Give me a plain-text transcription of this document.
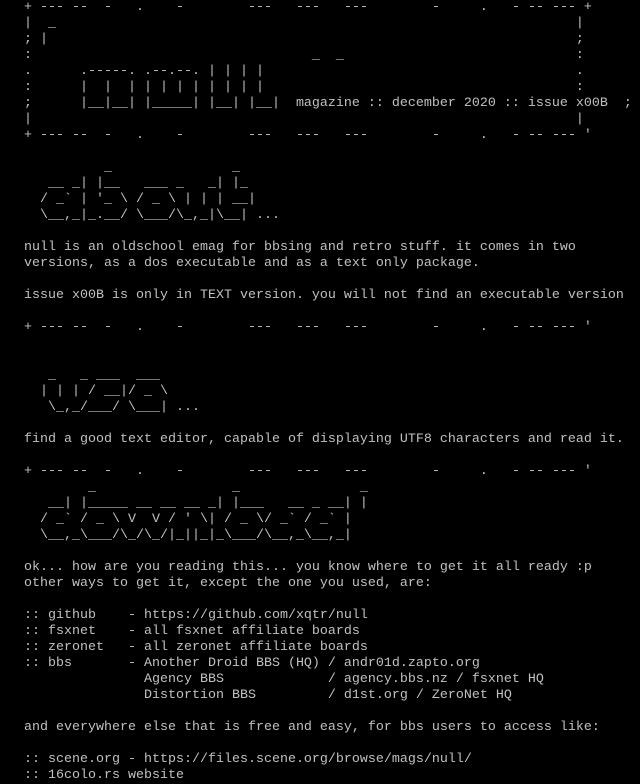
+ --- --  -   .    -        ---   ---   ---        -     .   - -- --- +
|  _                                                                 |
; |                                                                  ;
:                                   _  _                             :
.      .-----. .--.--. | | | |                                       .
:      |  |  | | | | | | | | |                                       :
;      |__|__| |_____| |__| |__|  magazine :: december 2020 :: issue x00B  ;
|                                                                    |
+ --- --  -   .    -        ---   ---   ---        -     .   - -- --- '
_               _
__ _| |__   ___ _   _| |_
/ _` | '_ \ / _ \ | | | __|
\__,_|_.__/ \___/\_,_|\__| ...
null is an oldschool emag for bbsing and retro stuff. it comes in two
versions, as a dos executable and as a text only package.
issue x00B is only in TEXT version. you will not find an executable version
+ --- --  -   .    -        ---   ---   ---        -     .   - -- --- '
_   _ ___  ___
| | | / __|/ _ \
\_,_/___/ \___| ...
find a good text editor, capable of displaying UTF8 characters and read it.
+ --- --  -   .    -        ---   ---   ---        -     .   - -- --- '
_                 _               _
__| |_____ __ __ __ _| |___   __ _ __| |
/ _` / _ \ V  V / ' \| / _ \/ _` / _` |
\__,_\___/\_/\_/|_||_|_\___/\__,_\__,_|
ok... how are you reading this... you know where to get it all ready :p
other ways to get it, except the one you used, are:
:: github    - https://github.com/xqtr/null
:: fsxnet    - all fsxnet affiliate boards
:: zeronet   - all zeronet affiliate boards
:: bbs       - Another Droid BBS (HQ) / andr01d.zapto.org
Agency BBS             / agency.bbs.nz / fsxnet HQ
Distortion BBS         / d1st.org / ZeroNet HQ
and everywhere else that is free and easy, for bbs users to access like:
:: scene.org - https://files.scene.org/browse/mags/null/
:: 16colo.rs website
